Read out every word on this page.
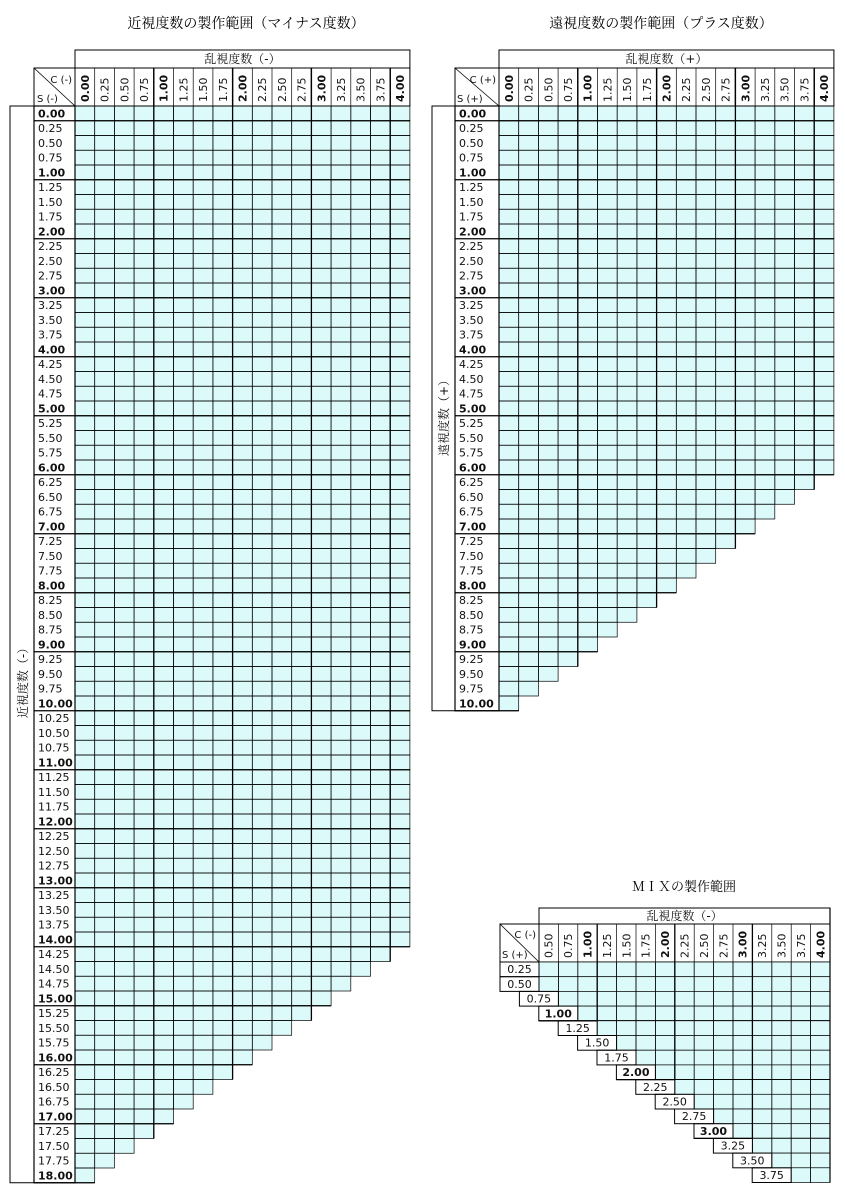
近視度数の製作範囲（マイナス度数）	遠視度数の製作範囲（プラス度数）
ＭＩＸの製作範囲
0.00
0.25
0.50
0.75
1.00
1.25
1.50
1.75
2.00
2.25
2.50
2.75
3.00
3.25
3.50
3.75
4.00
4.25
4.50
4.75
5.00
5.25
5.50
5.75
6.00
6.25
6.50
6.75
7.00
7.25
7.50
7.75
8.00
8.25
8.50
8.75
9.00
9.25
9.50
9.75
10.00
10.25
10.50
10.75
11.00
11.25
11.50
11.75
12.00
12.25
12.50
12.75
13.00
13.25
13.50
13.75
14.00
14.25
14.50
14.75
15.00
15.25
15.50
15.75
16.00
16.25
16.50
16.75
17.00
17.25
17.50
17.75
18.00
0.00 0.25 0.50 0.75 1.00 1.25 1.50 1.75 2.00 2.25 2.50 2.75 3.00 3.25 3.50 3.75 4.00
乱視度数（-）
C (-)
S (-)
近視度数（-）
0.00
0.25
0.50
0.75
1.00
1.25
1.50
1.75
2.00
2.25
2.50
2.75
3.00
3.25
3.50
3.75
4.00
4.25
4.50
4.75
5.00
5.25
5.50
5.75
6.00
6.25
6.50
6.75
7.00
7.25
7.50
7.75
8.00
8.25
8.50
8.75
9.00
9.25
9.50
9.75
10.00
0.00 0.25 0.50 0.75 1.00 1.25 1.50 1.75 2.00 2.25 2.50 2.75 3.00 3.25 3.50 3.75 4.00
乱視度数（+）
C (+)
S (+)
遠視度数（+）
乱視度数（-）
0.50 0.75 1.00 1.25 1.50 1.75 2.00 2.25 2.50 2.75 3.00 3.25 3.50 3.75 4.00
C (-)
S (+)
0.25
0.50
0.75
1.00
1.25
1.50
1.75
2.00
2.25
2.50
2.75
3.00
3.25
3.50
3.75
